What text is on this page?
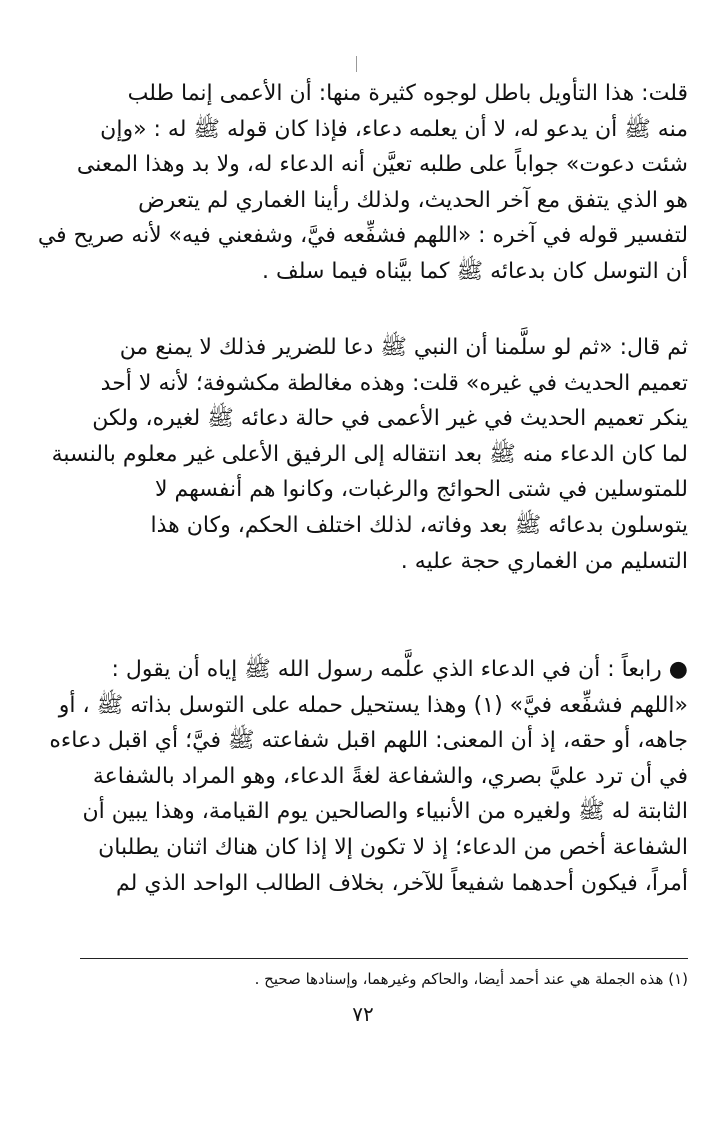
قلت: هذا التأويل باطل لوجوه كثيرة منها: أن الأعمى إنما طلب
منه ﷺ أن يدعو له، لا أن يعلمه دعاء، فإذا كان قوله ﷺ له : «وإن
شئت دعوت» جواباً على طلبه تعيَّن أنه الدعاء له، ولا بد وهذا المعنى
هو الذي يتفق مع آخر الحديث، ولذلك رأينا الغماري لم يتعرض
لتفسير قوله في آخره : «اللهم فشفِّعه فيَّ، وشفعني فيه» لأنه صريح في
أن التوسل كان بدعائه ﷺ كما بيَّناه فيما سلف .
ثم قال: «ثم لو سلَّمنا أن النبي ﷺ دعا للضرير فذلك لا يمنع من
تعميم الحديث في غيره» قلت: وهذه مغالطة مكشوفة؛ لأنه لا أحد
ينكر تعميم الحديث في غير الأعمى في حالة دعائه ﷺ لغيره، ولكن
لما كان الدعاء منه ﷺ بعد انتقاله إلى الرفيق الأعلى غير معلوم بالنسبة
للمتوسلين في شتى الحوائج والرغبات، وكانوا هم أنفسهم لا
يتوسلون بدعائه ﷺ بعد وفاته، لذلك اختلف الحكم، وكان هذا
التسليم من الغماري حجة عليه .
● رابعاً : أن في الدعاء الذي علَّمه رسول الله ﷺ إياه أن يقول :
«اللهم فشفِّعه فيَّ» (١) وهذا يستحيل حمله على التوسل بذاته ﷺ ، أو
جاهه، أو حقه، إذ أن المعنى: اللهم اقبل شفاعته ﷺ فيَّ؛ أي اقبل دعاءه
في أن ترد عليَّ بصري، والشفاعة لغةً الدعاء، وهو المراد بالشفاعة
الثابتة له ﷺ ولغيره من الأنبياء والصالحين يوم القيامة، وهذا يبين أن
الشفاعة أخص من الدعاء؛ إذ لا تكون إلا إذا كان هناك اثنان يطلبان
أمراً، فيكون أحدهما شفيعاً للآخر، بخلاف الطالب الواحد الذي لم
(١) هذه الجملة هي عند أحمد أيضا، والحاكم وغيرهما، وإسنادها صحيح .
٧٢
